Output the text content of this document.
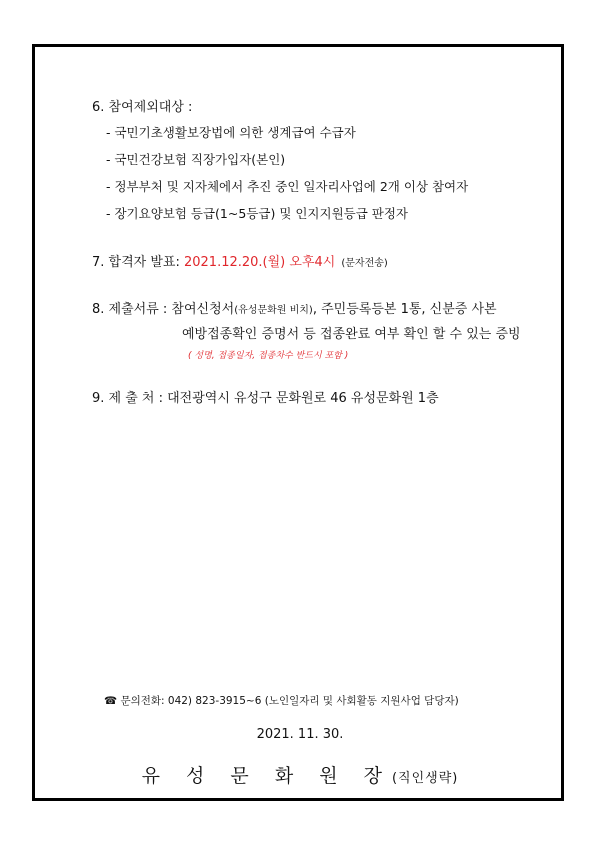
6. 참여제외대상 :
- 국민기초생활보장법에 의한 생계급여 수급자
- 국민건강보험 직장가입자(본인)
- 정부부처 및 지자체에서 추진 중인 일자리사업에 2개 이상 참여자
- 장기요양보험 등급(1~5등급) 및 인지지원등급 판정자
7. 합격자 발표: 2021.12.20.(월) 오후4시 (문자전송)
8. 제출서류 : 참여신청서(유성문화원 비치), 주민등록등본 1통, 신분증 사본
예방접종확인 증명서 등 접종완료 여부 확인 할 수 있는 증빙
( 성명, 접종일자, 접종차수 반드시 포함 )
9. 제 출 처 : 대전광역시 유성구 문화원로 46 유성문화원 1층
☎ 문의전화: 042) 823-3915~6 (노인일자리 및 사회활동 지원사업 담당자)
2021. 11. 30.
유 성 문 화 원 장(직인생략)
